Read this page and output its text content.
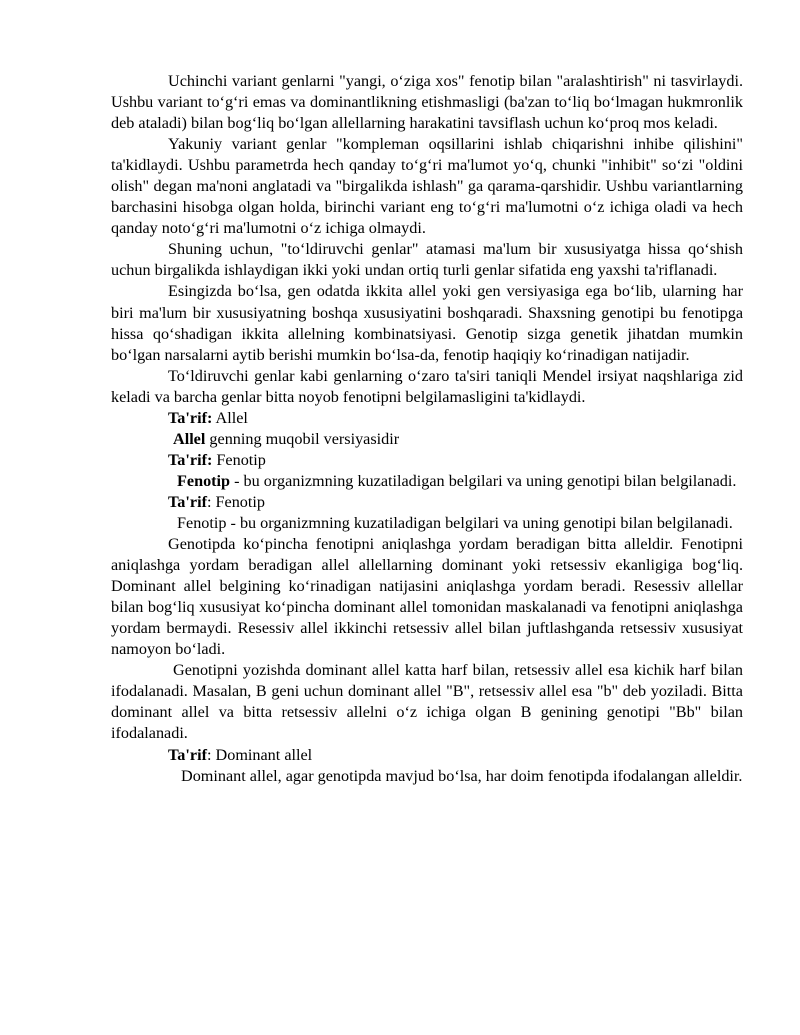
Uchinchi variant genlarni "yangi, o‘ziga xos" fenotip bilan "aralashtirish" ni tasvirlaydi. Ushbu variant to‘g‘ri emas va dominantlikning etishmasligi (ba'zan to‘liq bo‘lmagan hukmronlik deb ataladi) bilan bog‘liq bo‘lgan allellarning harakatini tavsiflash uchun ko‘proq mos keladi.

Yakuniy variant genlar "kompleman oqsillarini ishlab chiqarishni inhibe qilishini" ta'kidlaydi. Ushbu parametrda hech qanday to‘g‘ri ma'lumot yo‘q, chunki "inhibit" so‘zi "oldini olish" degan ma'noni anglatadi va "birgalikda ishlash" ga qarama-qarshidir. Ushbu variantlarning barchasini hisobga olgan holda, birinchi variant eng to‘g‘ri ma'lumotni o‘z ichiga oladi va hech qanday noto‘g‘ri ma'lumotni o‘z ichiga olmaydi.

Shuning uchun, "to‘ldiruvchi genlar" atamasi ma'lum bir xususiyatga hissa qo‘shish uchun birgalikda ishlaydigan ikki yoki undan ortiq turli genlar sifatida eng yaxshi ta'riflanadi.

Esingizda bo‘lsa, gen odatda ikkita allel yoki gen versiyasiga ega bo‘lib, ularning har biri ma'lum bir xususiyatning boshqa xususiyatini boshqaradi. Shaxsning genotipi bu fenotipga hissa qo‘shadigan ikkita allelning kombinatsiyasi. Genotip sizga genetik jihatdan mumkin bo‘lgan narsalarni aytib berishi mumkin bo‘lsa-da, fenotip haqiqiy ko‘rinadigan natijadir.

To‘ldiruvchi genlar kabi genlarning o‘zaro ta'siri taniqli Mendel irsiyat naqshlariga zid keladi va barcha genlar bitta noyob fenotipni belgilamasligini ta'kidlaydi.

Ta'rif: Allel

Allel genning muqobil versiyasidir

Ta'rif: Fenotip

Fenotip - bu organizmning kuzatiladigan belgilari va uning genotipi bilan belgilanadi.

Ta'rif: Fenotip

Fenotip - bu organizmning kuzatiladigan belgilari va uning genotipi bilan belgilanadi.

Genotipda ko‘pincha fenotipni aniqlashga yordam beradigan bitta alleldir. Fenotipni aniqlashga yordam beradigan allel allellarning dominant yoki retsessiv ekanligiga bog‘liq. Dominant allel belgining ko‘rinadigan natijasini aniqlashga yordam beradi. Resessiv allellar bilan bog‘liq xususiyat ko‘pincha dominant allel tomonidan maskalanadi va fenotipni aniqlashga yordam bermaydi. Resessiv allel ikkinchi retsessiv allel bilan juftlashganda retsessiv xususiyat namoyon bo‘ladi.

Genotipni yozishda dominant allel katta harf bilan, retsessiv allel esa kichik harf bilan ifodalanadi. Masalan, B geni uchun dominant allel "B", retsessiv allel esa "b" deb yoziladi. Bitta dominant allel va bitta retsessiv allelni o‘z ichiga olgan B genining genotipi "Bb" bilan ifodalanadi.

Ta'rif: Dominant allel

Dominant allel, agar genotipda mavjud bo‘lsa, har doim fenotipda ifodalangan alleldir.
